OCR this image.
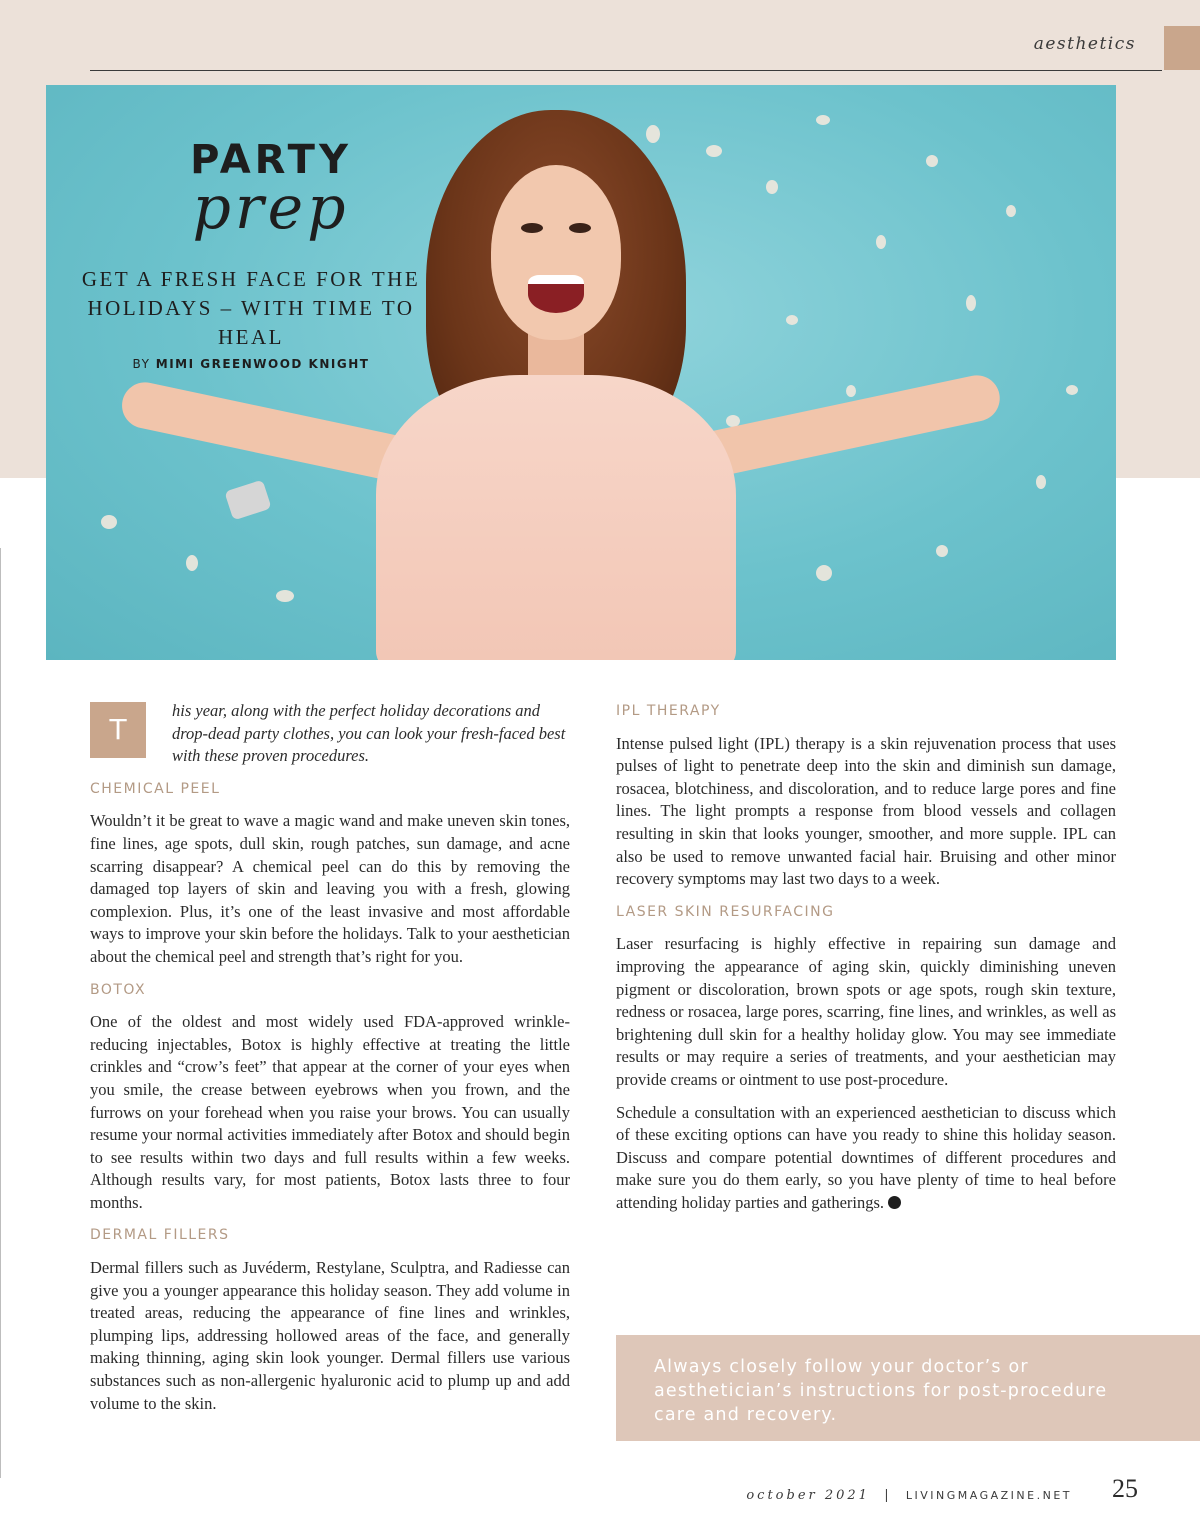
aesthetics
PARTY
prep
GET A FRESH FACE FOR THE HOLIDAYS – WITH TIME TO HEAL
BY MIMI GREENWOOD KNIGHT
T
his year, along with the perfect holiday decorations and drop-dead party clothes, you can look your fresh-faced best with these proven procedures.
CHEMICAL PEEL

Wouldn’t it be great to wave a magic wand and make uneven skin tones, fine lines, age spots, dull skin, rough patches, sun damage, and acne scarring disappear? A chemical peel can do this by removing the damaged top layers of skin and leaving you with a fresh, glowing complexion. Plus, it’s one of the least invasive and most affordable ways to improve your skin before the holidays. Talk to your aesthetician about the chemical peel and strength that’s right for you.

BOTOX

One of the oldest and most widely used FDA-approved wrinkle-reducing injectables, Botox is highly effective at treating the little crinkles and “crow’s feet” that appear at the corner of your eyes when you smile, the crease between eyebrows when you frown, and the furrows on your forehead when you raise your brows. You can usually resume your normal activities immediately after Botox and should begin to see results within two days and full results within a few weeks. Although results vary, for most patients, Botox lasts three to four months.

DERMAL FILLERS

Dermal fillers such as Juvéderm, Restylane, Sculptra, and Radiesse can give you a younger appearance this holiday season. They add volume in treated areas, reducing the appearance of fine lines and wrinkles, plumping lips, addressing hollowed areas of the face, and generally making thinning, aging skin look younger. Dermal fillers use various substances such as non-allergenic hyaluronic acid to plump up and add volume to the skin.

IPL THERAPY

Intense pulsed light (IPL) therapy is a skin rejuvenation process that uses pulses of light to penetrate deep into the skin and diminish sun damage, rosacea, blotchiness, and discoloration, and to reduce large pores and fine lines. The light prompts a response from blood vessels and collagen resulting in skin that looks younger, smoother, and more supple. IPL can also be used to remove unwanted facial hair. Bruising and other minor recovery symptoms may last two days to a week.

LASER SKIN RESURFACING

Laser resurfacing is highly effective in repairing sun damage and improving the appearance of aging skin, quickly diminishing uneven pigment or discoloration, brown spots or age spots, rough skin texture, redness or rosacea, large pores, scarring, fine lines, and wrinkles, as well as brightening dull skin for a healthy holiday glow. You may see immediate results or may require a series of treatments, and your aesthetician may provide creams or ointment to use post-procedure.

Schedule a consultation with an experienced aesthetician to discuss which of these exciting options can have you ready to shine this holiday season. Discuss and compare potential downtimes of different procedures and make sure you do them early, so you have plenty of time to heal before attending holiday parties and gatherings.

Always closely follow your doctor’s or aesthetician’s instructions for post-procedure care and recovery.
october 2021 | LIVINGMAGAZINE.NET 25
